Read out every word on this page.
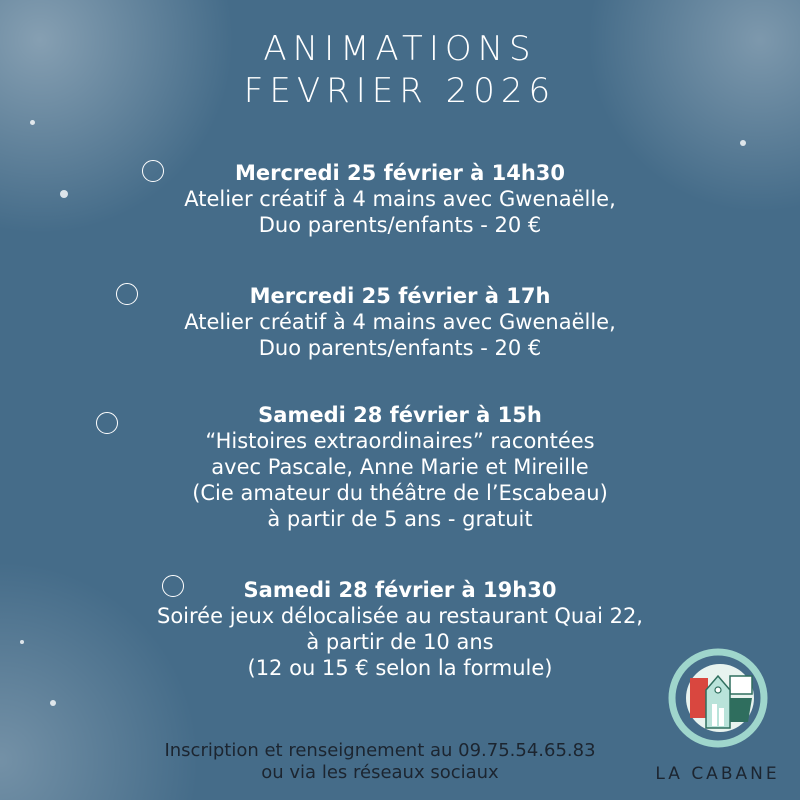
ANIMATIONS
FEVRIER 2026
Mercredi 25 février à 14h30
Atelier créatif à 4 mains avec Gwenaëlle,
Duo parents/enfants - 20 €
Mercredi 25 février à 17h
Atelier créatif à 4 mains avec Gwenaëlle,
Duo parents/enfants - 20 €
Samedi 28 février à 15h
“Histoires extraordinaires” racontées
avec Pascale, Anne Marie et Mireille
(Cie amateur du théâtre de l’Escabeau)
à partir de 5 ans - gratuit
Samedi 28 février à 19h30
Soirée jeux délocalisée au restaurant Quai 22,
à partir de 10 ans
(12 ou 15 € selon la formule)
Inscription et renseignement au 09.75.54.65.83
ou via les réseaux sociaux	LA CABANE
